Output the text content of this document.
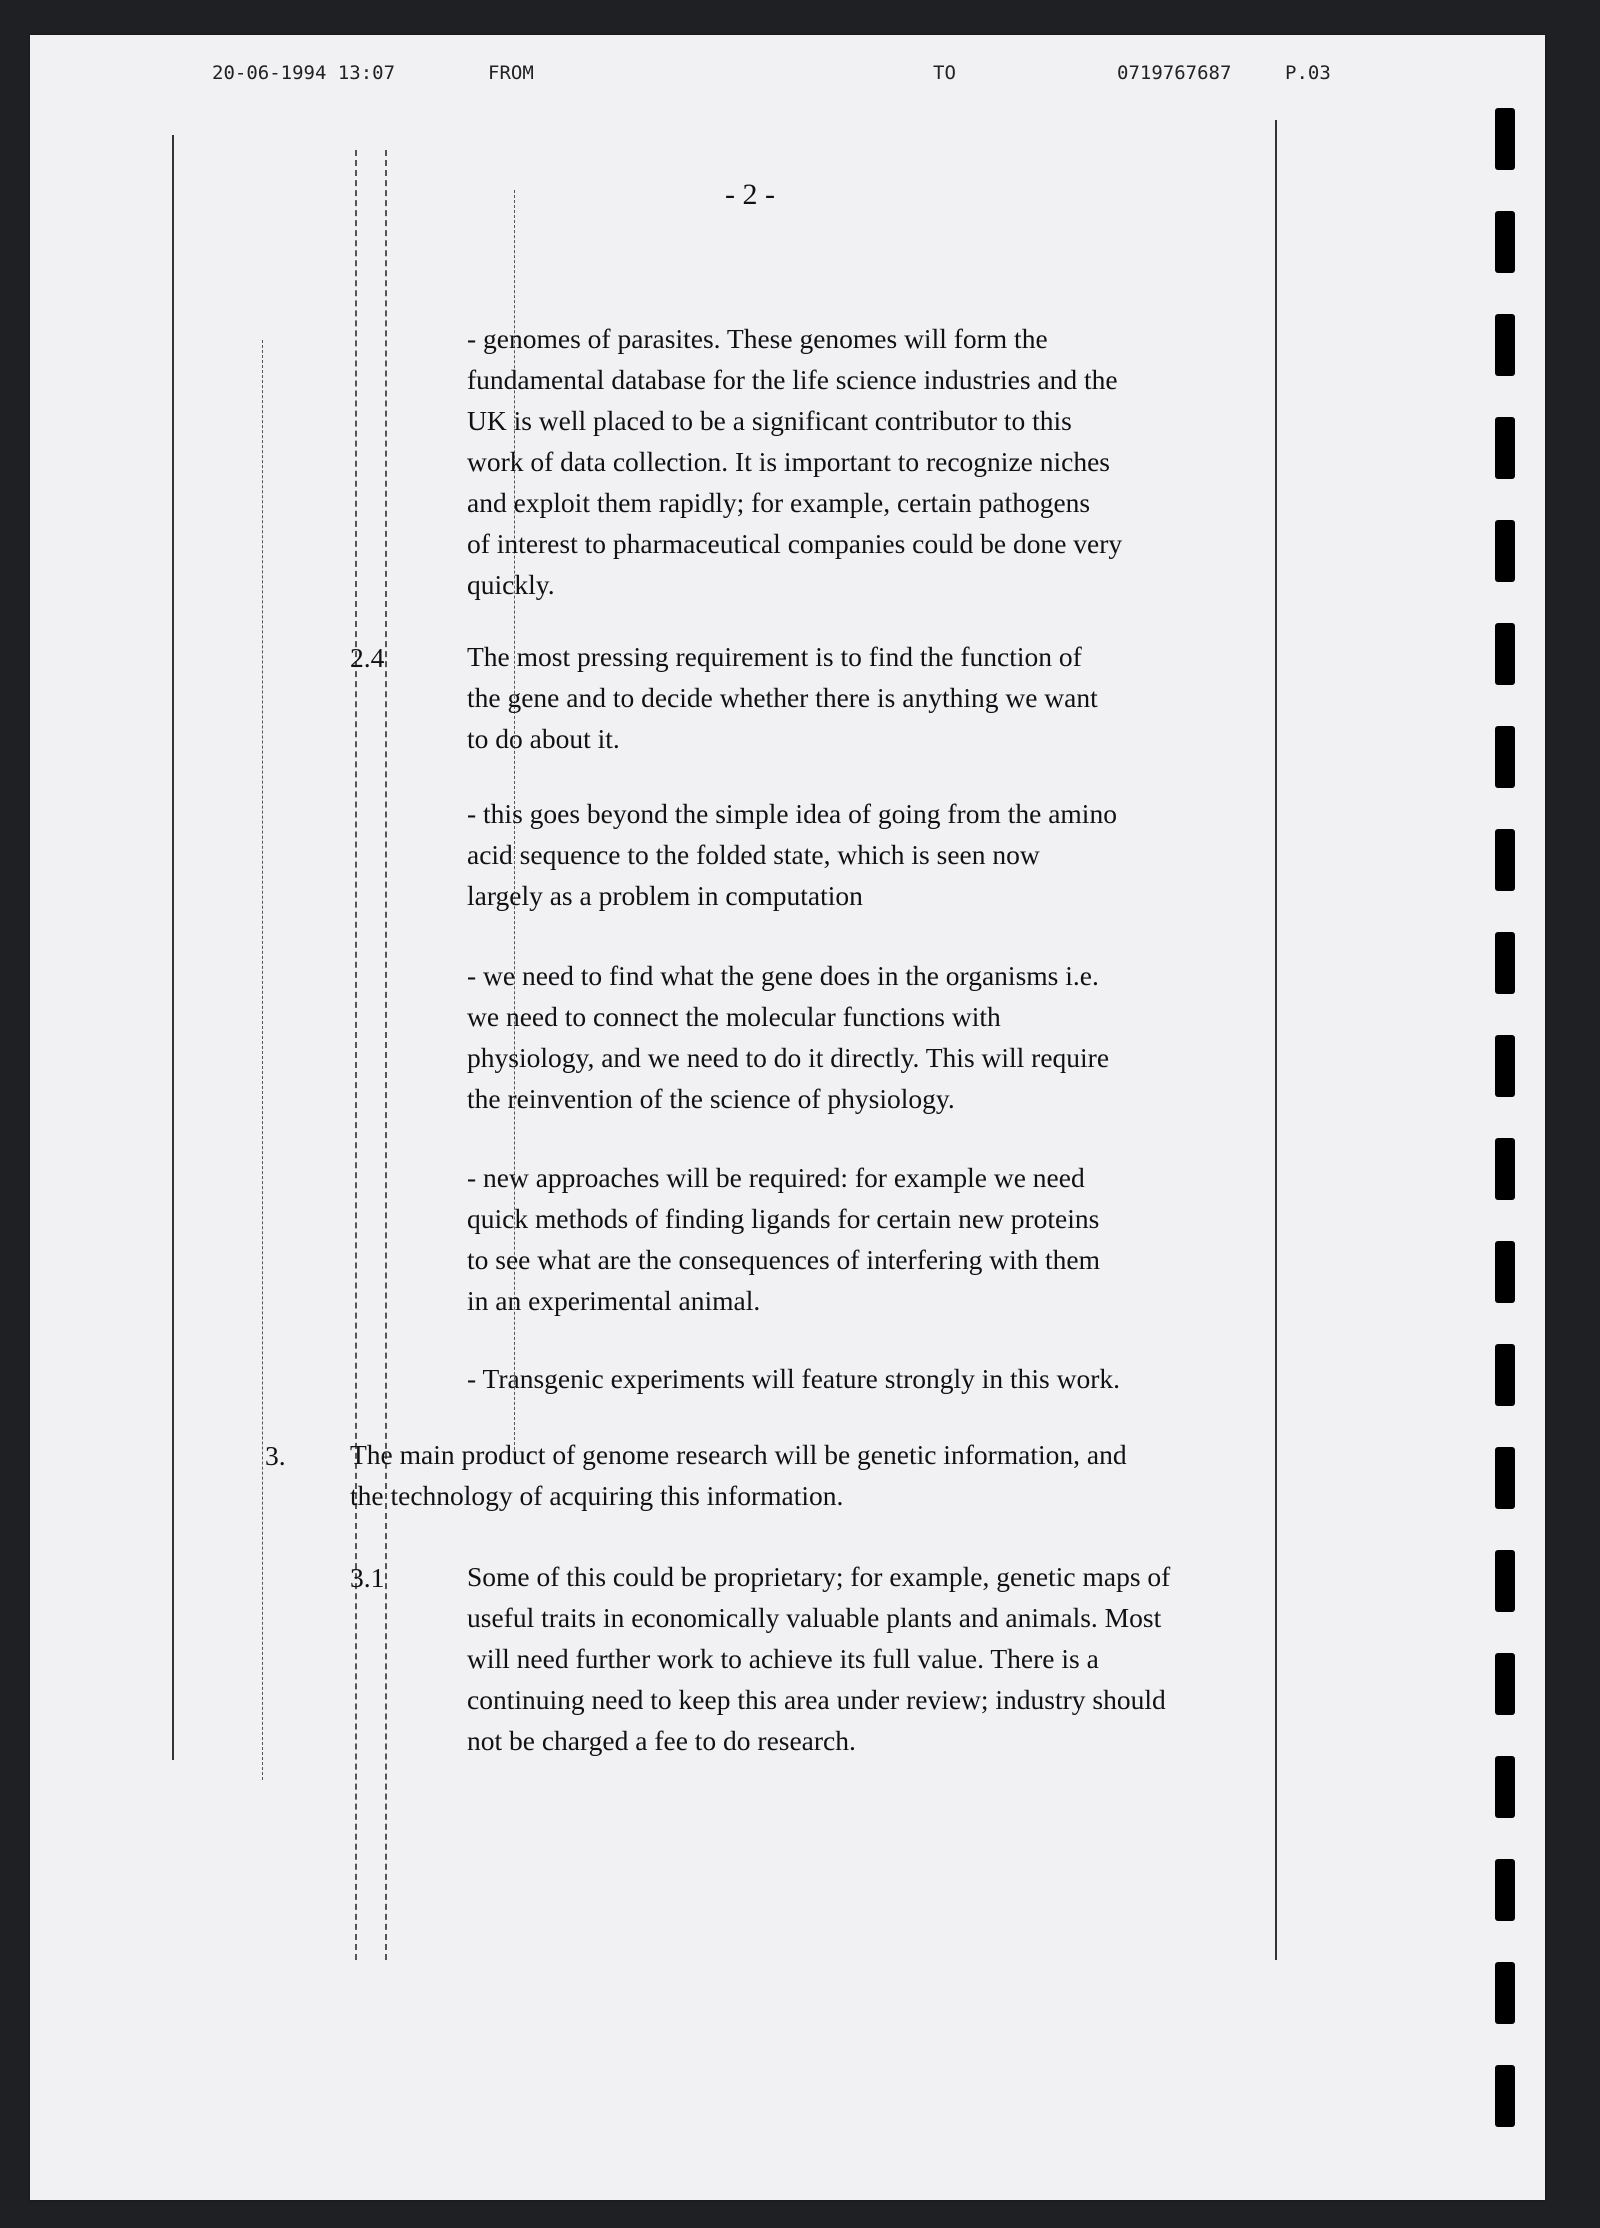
20-06-1994 13:07	FROM	TO	0719767687	P.03
- 2 -
- genomes of parasites. These genomes will form the
fundamental database for the life science industries and the
UK is well placed to be a significant contributor to this
work of data collection. It is important to recognize niches
and exploit them rapidly; for example, certain pathogens
of interest to pharmaceutical companies could be done very
quickly.
2.4	The most pressing requirement is to find the function of
the gene and to decide whether there is anything we want
to do about it.
- this goes beyond the simple idea of going from the amino
acid sequence to the folded state, which is seen now
largely as a problem in computation
- we need to find what the gene does in the organisms i.e.
we need to connect the molecular functions with
physiology, and we need to do it directly. This will require
the reinvention of the science of physiology.
- new approaches will be required: for example we need
quick methods of finding ligands for certain new proteins
to see what are the consequences of interfering with them
in an experimental animal.
- Transgenic experiments will feature strongly in this work.
3. The main product of genome research will be genetic information, and
the technology of acquiring this information.
3.1	Some of this could be proprietary; for example, genetic maps of
useful traits in economically valuable plants and animals. Most
will need further work to achieve its full value. There is a
continuing need to keep this area under review; industry should
not be charged a fee to do research.
